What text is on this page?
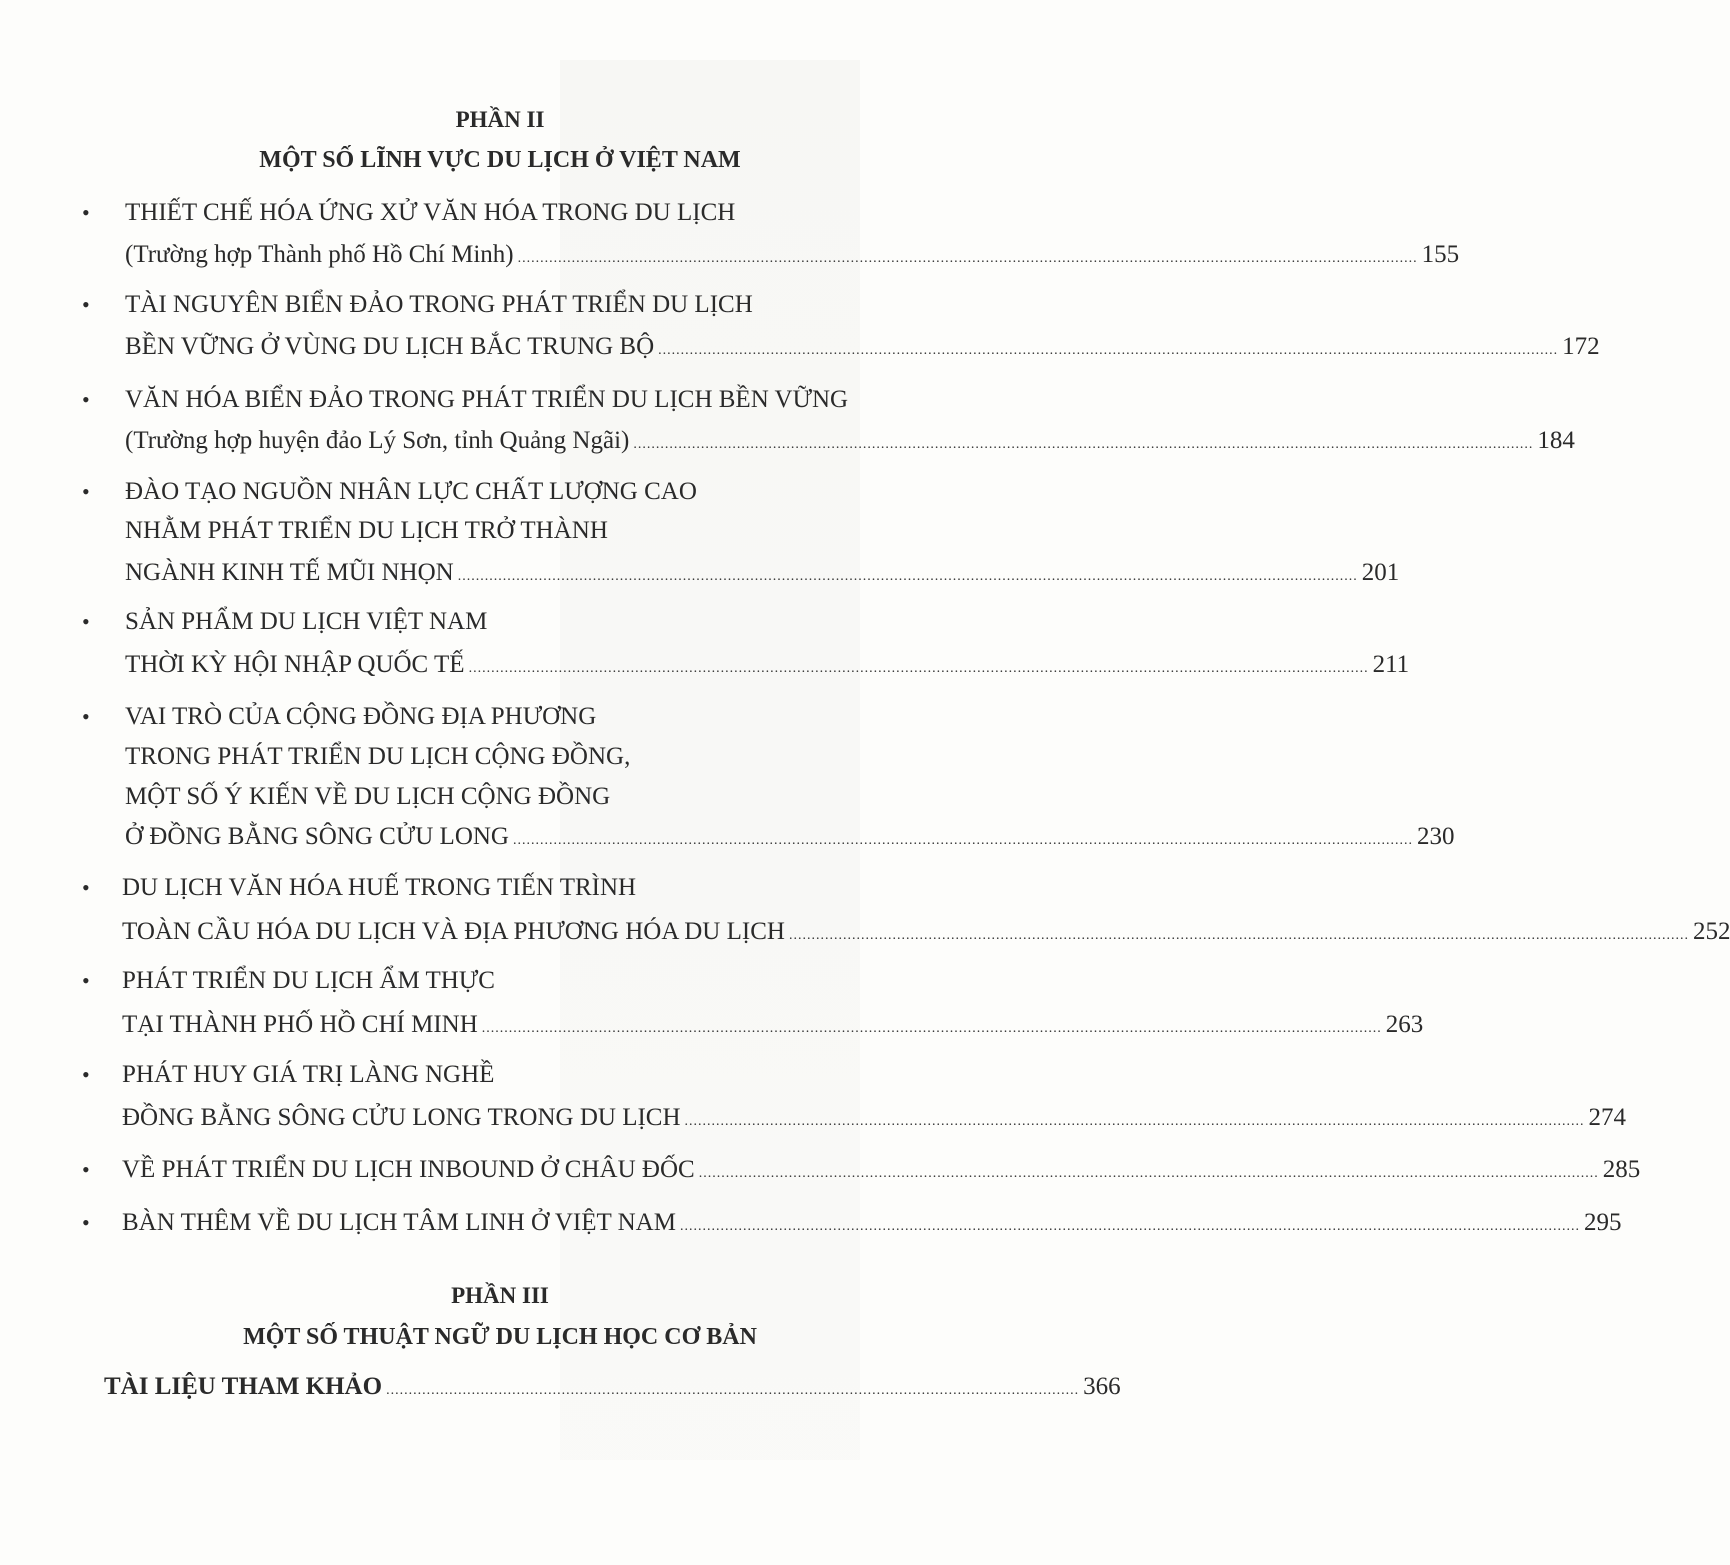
PHẦN II
MỘT SỐ LĨNH VỰC DU LỊCH Ở VIỆT NAM
• THIẾT CHẾ HÓA ỨNG XỬ VĂN HÓA TRONG DU LỊCH
(Trường hợp Thành phố Hồ Chí Minh) ........................................................................................................................................................................................................ 155
• TÀI NGUYÊN BIỂN ĐẢO TRONG PHÁT TRIỂN DU LỊCH
BỀN VỮNG Ở VÙNG DU LỊCH BẮC TRUNG BỘ ........................................................................................................................................................................................................ 172
• VĂN HÓA BIỂN ĐẢO TRONG PHÁT TRIỂN DU LỊCH BỀN VỮNG
(Trường hợp huyện đảo Lý Sơn, tỉnh Quảng Ngãi) ........................................................................................................................................................................................................ 184
• ĐÀO TẠO NGUỒN NHÂN LỰC CHẤT LƯỢNG CAO
NHẰM PHÁT TRIỂN DU LỊCH TRỞ THÀNH
NGÀNH KINH TẾ MŨI NHỌN ........................................................................................................................................................................................................ 201
• SẢN PHẨM DU LỊCH VIỆT NAM
THỜI KỲ HỘI NHẬP QUỐC TẾ ........................................................................................................................................................................................................ 211
• VAI TRÒ CỦA CỘNG ĐỒNG ĐỊA PHƯƠNG
TRONG PHÁT TRIỂN DU LỊCH CỘNG ĐỒNG,
MỘT SỐ Ý KIẾN VỀ DU LỊCH CỘNG ĐỒNG
Ở ĐỒNG BẰNG SÔNG CỬU LONG ........................................................................................................................................................................................................ 230
• DU LỊCH VĂN HÓA HUẾ TRONG TIẾN TRÌNH
TOÀN CẦU HÓA DU LỊCH VÀ ĐỊA PHƯƠNG HÓA DU LỊCH ........................................................................................................................................................................................................ 252
• PHÁT TRIỂN DU LỊCH ẨM THỰC
TẠI THÀNH PHỐ HỒ CHÍ MINH ........................................................................................................................................................................................................ 263
• PHÁT HUY GIÁ TRỊ LÀNG NGHỀ
ĐỒNG BẰNG SÔNG CỬU LONG TRONG DU LỊCH ........................................................................................................................................................................................................ 274
• VỀ PHÁT TRIỂN DU LỊCH INBOUND Ở CHÂU ĐỐC ........................................................................................................................................................................................................ 285
• BÀN THÊM VỀ DU LỊCH TÂM LINH Ở VIỆT NAM ........................................................................................................................................................................................................ 295
PHẦN III
MỘT SỐ THUẬT NGỮ DU LỊCH HỌC CƠ BẢN
TÀI LIỆU THAM KHẢO .......................................................................................................................................................... 366
